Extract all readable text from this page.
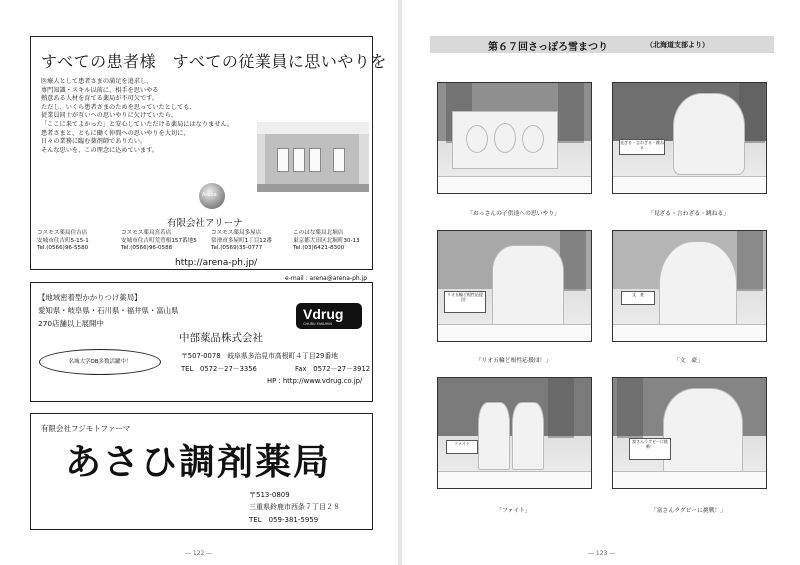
すべての患者様　すべての従業員に思いやりを
医療人として患者さまの満足を追求し、
専門知識・スキル以前に、相手を思いやる
熱意ある人材を育てる薬局が不可欠です。
ただし、いくら患者さまのためを思っていたとしても、
従業員同士が互いへの思いやりに欠けていたら、
「ここに来てよかった」と安心していただける薬局にはなりません。
患者さまと、ともに働く仲間への思いやりを大切に、
日々の業務に臨む薬剤師でありたい。
そんな思いを、この理念に込めています。
Arena
有限会社アリーナ
コスモス薬局住吉店
安城市住吉町5-15-1
Tel.(0566)96-5580
コスモス薬局宮若店
安城市住吉町荒曽根157番地5
Tel.(0566)96-0588
コスモス薬局多屋店
常滑市多屋町1丁目12番
Tel.(0569)35-0777
このはな薬局北堀店
東京都大田区北堀町30-13
Tel.(03)6421-8300
http://arena-ph.jp/
e-mail : arena@arena-ph.jp
【地域密着型かかりつけ薬局】
愛知県・岐阜県・石川県・福井県・富山県
270店舗以上展開中
名城大学OB多数活躍中！
Vdrug
CHUBU YAKUHIN
中部薬品株式会社
〒507-0078　岐阜県多治見市高根町４丁目29番地
TEL　0572－27－3356	Fax　0572－27－3912
HP : http://www.vdrug.co.jp/
有限会社フジモトファーマ
あさひ調剤薬局
〒513-0809
三重県鈴鹿市西条７丁目２８
TEL　059-381-5959
― 122 ―
第６７回さっぽろ雪まつり	（北海道支部より）
「おっさんの子供達への思いやり」
見ざる・言わざる・跳ねる
「見ざる・言わざる・跳ねる」
リオ五輪ど根性応援団！
「リオ五輪ど根性応援団！」
文　豪
「文　豪」
ファイト
「ファイト」
富さんラグビーに挑戦！
「富さんラグビーに挑戦！」
― 123 ―
